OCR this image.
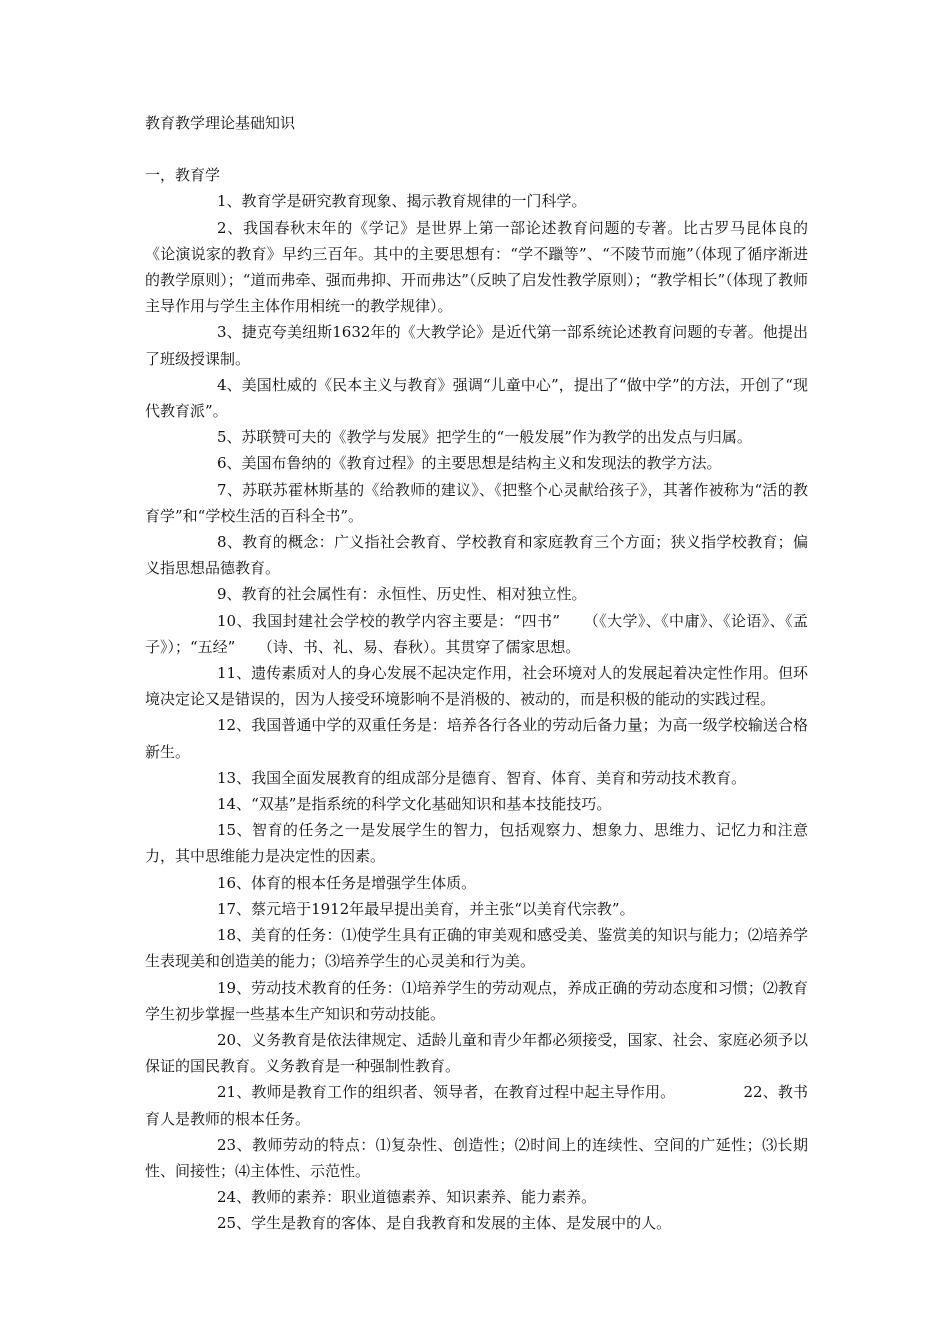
教育教学理论基础知识

一，教育学

1、教育学是研究教育现象、揭示教育规律的一门科学。

2、我国春秋末年的《学记》是世界上第一部论述教育问题的专著。比古罗马昆体良的《论演说家的教育》早约三百年。其中的主要思想有：“学不躐等”、“不陵节而施”（体现了循序渐进的教学原则）；“道而弗牵、强而弗抑、开而弗达”（反映了启发性教学原则）；“教学相长”（体现了教师主导作用与学生主体作用相统一的教学规律）。

3、捷克夸美纽斯1632年的《大教学论》是近代第一部系统论述教育问题的专著。他提出了班级授课制。

4、美国杜威的《民本主义与教育》强调“儿童中心”，提出了“做中学”的方法，开创了“现代教育派”。

5、苏联赞可夫的《教学与发展》把学生的“一般发展”作为教学的出发点与归属。

6、美国布鲁纳的《教育过程》的主要思想是结构主义和发现法的教学方法。

7、苏联苏霍林斯基的《给教师的建议》、《把整个心灵献给孩子》，其著作被称为“活的教育学”和“学校生活的百科全书”。

8、教育的概念：广义指社会教育、学校教育和家庭教育三个方面；狭义指学校教育；偏义指思想品德教育。

9、教育的社会属性有：永恒性、历史性、相对独立性。

10、我国封建社会学校的教学内容主要是：“四书”　　（《大学》、《中庸》、《论语》、《孟子》）；“五经”　　（诗、书、礼、易、春秋）。其贯穿了儒家思想。

11、遗传素质对人的身心发展不起决定作用，社会环境对人的发展起着决定性作用。但环境决定论又是错误的，因为人接受环境影响不是消极的、被动的，而是积极的能动的实践过程。

12、我国普通中学的双重任务是：培养各行各业的劳动后备力量；为高一级学校输送合格新生。

13、我国全面发展教育的组成部分是德育、智育、体育、美育和劳动技术教育。

14、“双基”是指系统的科学文化基础知识和基本技能技巧。

15、智育的任务之一是发展学生的智力，包括观察力、想象力、思维力、记忆力和注意力，其中思维能力是决定性的因素。

16、体育的根本任务是增强学生体质。

17、蔡元培于1912年最早提出美育，并主张“以美育代宗教”。

18、美育的任务：⑴使学生具有正确的审美观和感受美、鉴赏美的知识与能力；⑵培养学生表现美和创造美的能力；⑶培养学生的心灵美和行为美。

19、劳动技术教育的任务：⑴培养学生的劳动观点，养成正确的劳动态度和习惯；⑵教育学生初步掌握一些基本生产知识和劳动技能。

20、义务教育是依法律规定、适龄儿童和青少年都必须接受，国家、社会、家庭必须予以保证的国民教育。义务教育是一种强制性教育。

21、教师是教育工作的组织者、领导者，在教育过程中起主导作用。　　　　　22、教书育人是教师的根本任务。

23、教师劳动的特点：⑴复杂性、创造性；⑵时间上的连续性、空间的广延性；⑶长期性、间接性；⑷主体性、示范性。

24、教师的素养：职业道德素养、知识素养、能力素养。

25、学生是教育的客体、是自我教育和发展的主体、是发展中的人。
